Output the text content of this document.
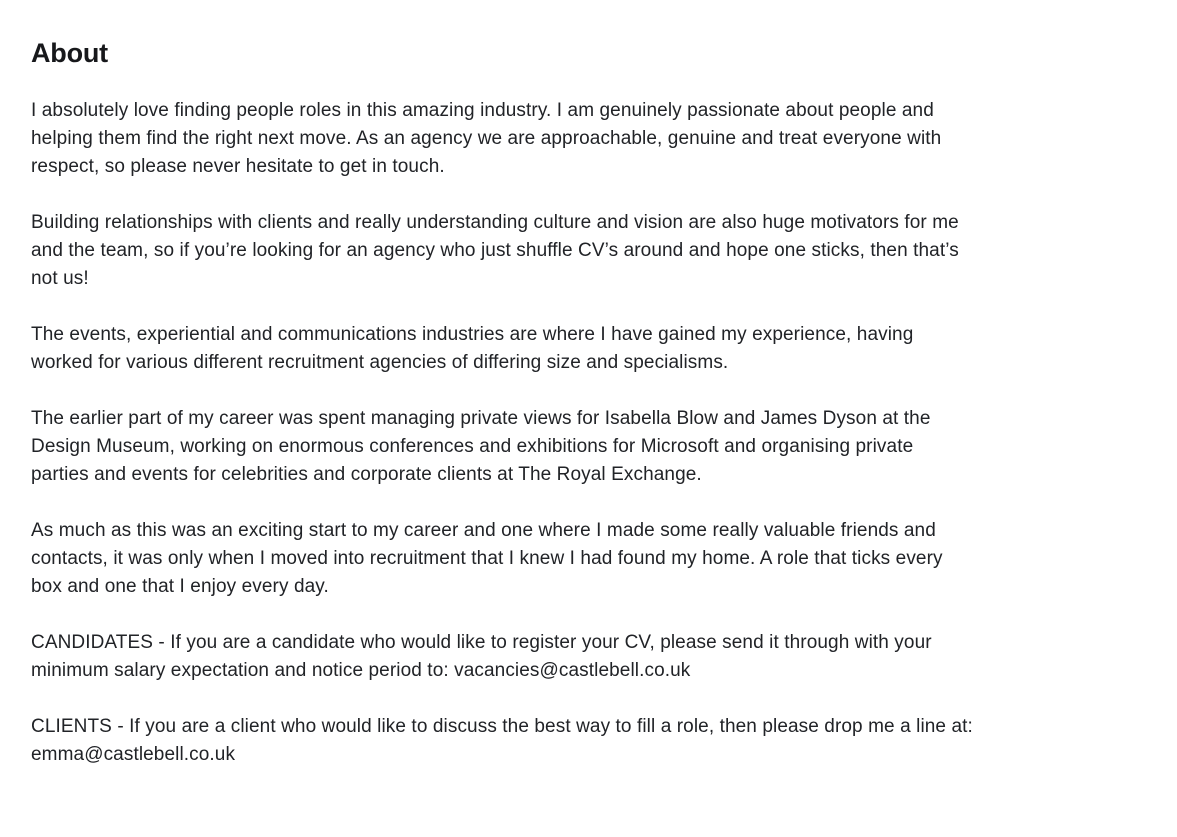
About

I absolutely love finding people roles in this amazing industry. I am genuinely passionate about people and
helping them find the right next move. As an agency we are approachable, genuine and treat everyone with
respect, so please never hesitate to get in touch.

Building relationships with clients and really understanding culture and vision are also huge motivators for me
and the team, so if you’re looking for an agency who just shuffle CV’s around and hope one sticks, then that’s
not us!

The events, experiential and communications industries are where I have gained my experience, having
worked for various different recruitment agencies of differing size and specialisms.

The earlier part of my career was spent managing private views for Isabella Blow and James Dyson at the
Design Museum, working on enormous conferences and exhibitions for Microsoft and organising private
parties and events for celebrities and corporate clients at The Royal Exchange.

As much as this was an exciting start to my career and one where I made some really valuable friends and
contacts, it was only when I moved into recruitment that I knew I had found my home. A role that ticks every
box and one that I enjoy every day.

CANDIDATES - If you are a candidate who would like to register your CV, please send it through with your
minimum salary expectation and notice period to: vacancies@castlebell.co.uk

CLIENTS - If you are a client who would like to discuss the best way to fill a role, then please drop me a line at:
emma@castlebell.co.uk
